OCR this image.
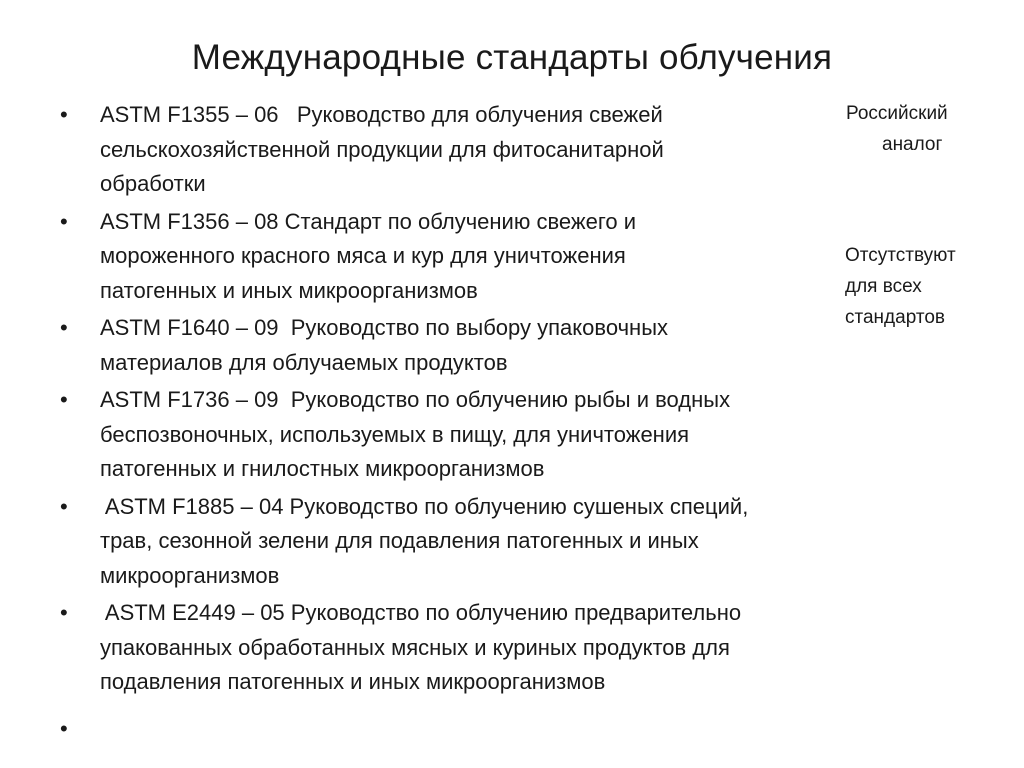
Международные стандарты облучения
• ASTM F1355 – 06   Руководство для облучения свежей
сельскохозяйственной продукции для фитосанитарной
обработки
• ASTM F1356 – 08 Стандарт по облучению свежего и
мороженного красного мяса и кур для уничтожения
патогенных и иных микроорганизмов
• ASTM F1640 – 09  Руководство по выбору упаковочных
материалов для облучаемых продуктов
• ASTM F1736 – 09  Руководство по облучению рыбы и водных
беспозвоночных, используемых в пищу, для уничтожения
патогенных и гнилостных микроорганизмов
• ASTM F1885 – 04 Руководство по облучению сушеных специй,
трав, сезонной зелени для подавления патогенных и иных
микроорганизмов
• ASTM E2449 – 05 Руководство по облучению предварительно
упакованных обработанных мясных и куриных продуктов для
подавления патогенных и иных микроорганизмов
•
Российский
аналог
Отсутствуют
для всех
стандартов
